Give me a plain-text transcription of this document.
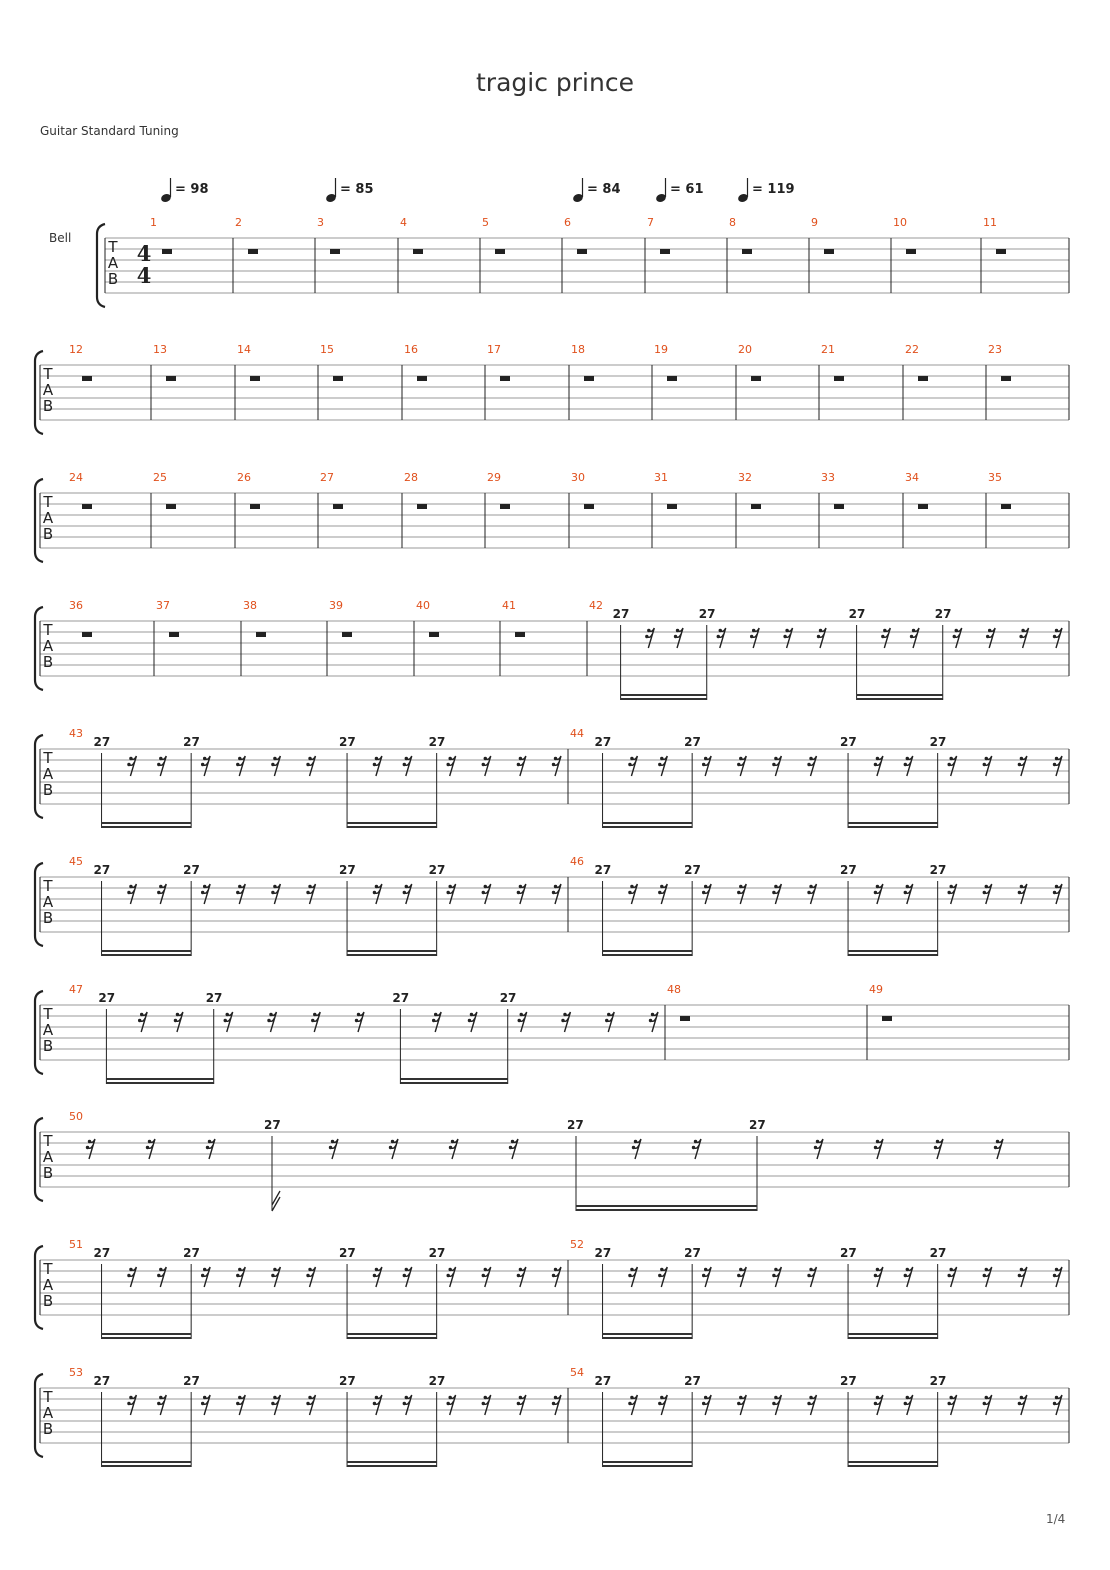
tragic prince
Guitar Standard Tuning
1/4
T
A
B
4
4
Bell
1	2	3	4	5	6	7	8	9	10	11
= 98	= 85	= 84	= 61	= 119
T
A
B
12	13	14	15	16	17	18	19	20	21	22	23
T
A
B
24	25	26	27	28	29	30	31	32	33	34	35
T
A
B
36	37	38	39	40	41	42
27	27	27	27
T
A
B
43
27	27	27	27
44
27	27	27	27
T
A
B
45
27	27	27	27
46
27	27	27	27
T
A
B
47
27	27	27	27
48	49
T
A
B
50
27	27	27
T
A
B
51
27	27	27	27
52
27	27	27	27
T
A
B
53
27	27	27	27
54
27	27	27	27
